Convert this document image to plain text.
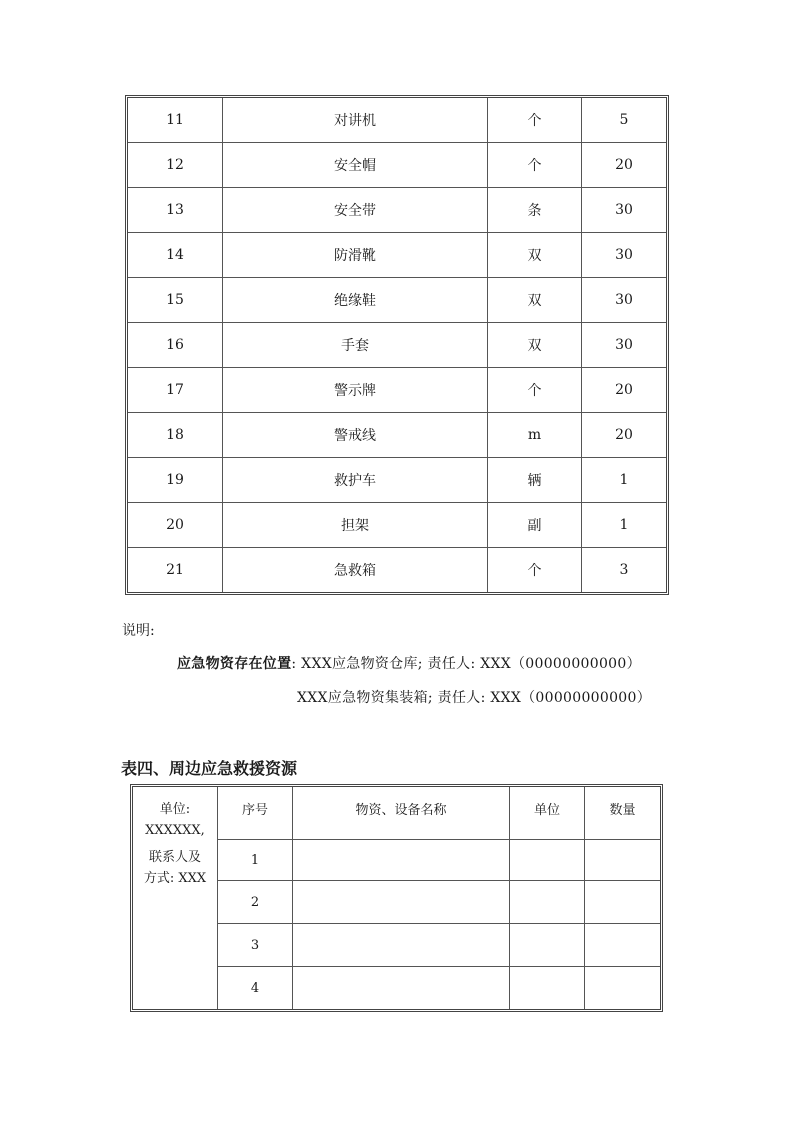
11	对讲机	个	5
12	安全帽	个	20
13	安全带	条	30
14	防滑靴	双	30
15	绝缘鞋	双	30
16	手套	双	30
17	警示牌	个	20
18	警戒线	m	20
19	救护车	辆	1
20	担架	副	1
21	急救箱	个	3
说明:
应急物资存在位置: XXX应急物资仓库; 责任人: XXX（00000000000）
XXX应急物资集装箱; 责任人: XXX（00000000000）
表四、周边应急救援资源
单位:
XXXXXX,
联系人及
方式: XXX	序号	物资、设备名称	单位	数量
	1			
	2			
	3			
	4			
